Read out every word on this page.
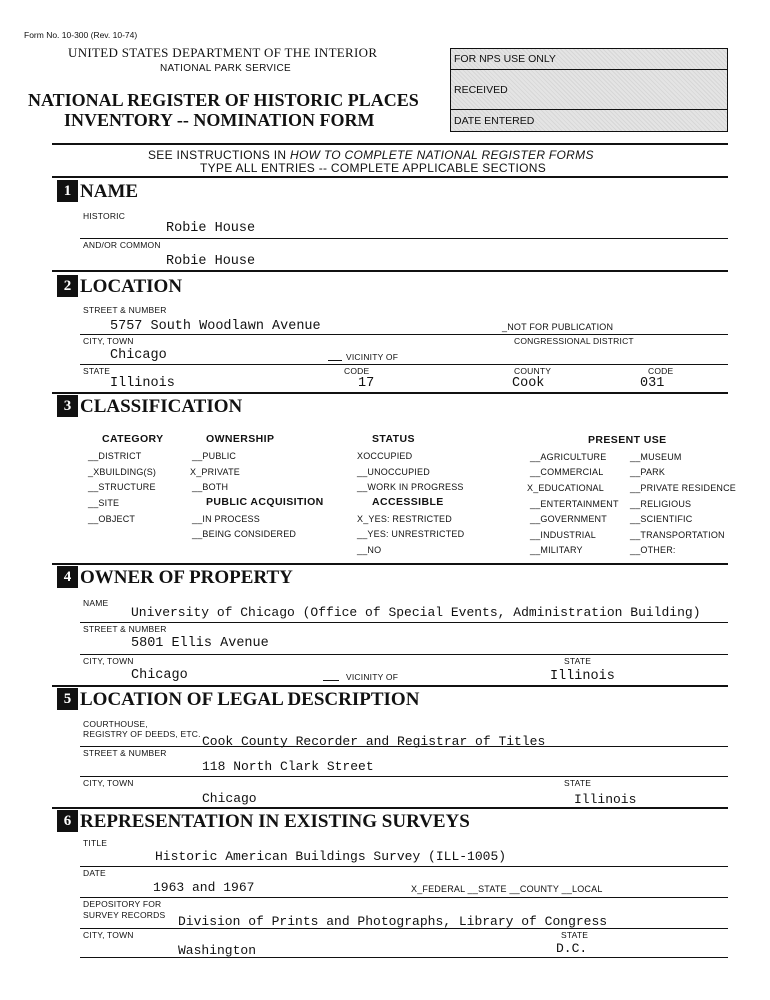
Form No. 10-300 (Rev. 10-74)
UNITED STATES DEPARTMENT OF THE INTERIOR
NATIONAL PARK SERVICE
NATIONAL REGISTER OF HISTORIC PLACES
INVENTORY -- NOMINATION FORM
FOR NPS USE ONLY
RECEIVED
DATE ENTERED
SEE INSTRUCTIONS IN HOW TO COMPLETE NATIONAL REGISTER FORMS
TYPE ALL ENTRIES -- COMPLETE APPLICABLE SECTIONS
1 NAME
HISTORIC
Robie House
AND/OR COMMON
Robie House
2 LOCATION
STREET & NUMBER
5757 South Woodlawn Avenue	_NOT FOR PUBLICATION
CITY, TOWN	CONGRESSIONAL DISTRICT
Chicago	VICINITY OF
STATE	CODE	COUNTY	CODE
Illinois	17	Cook	031
3 CLASSIFICATION
CATEGORY
__DISTRICT
_XBUILDING(S)
__STRUCTURE
__SITE
__OBJECT
OWNERSHIP
__PUBLIC
X_PRIVATE
__BOTH
PUBLIC ACQUISITION
__IN PROCESS
__BEING CONSIDERED
STATUS
XOCCUPIED
__UNOCCUPIED
__WORK IN PROGRESS
ACCESSIBLE
X_YES: RESTRICTED
__YES: UNRESTRICTED
__NO
PRESENT USE
__AGRICULTURE
__COMMERCIAL
X_EDUCATIONAL
__ENTERTAINMENT
__GOVERNMENT
__INDUSTRIAL
__MILITARY
__MUSEUM
__PARK
__PRIVATE RESIDENCE
__RELIGIOUS
__SCIENTIFIC
__TRANSPORTATION
__OTHER:
4 OWNER OF PROPERTY
NAME
University of Chicago (Office of Special Events, Administration Building)
STREET & NUMBER
5801 Ellis Avenue
CITY, TOWN	STATE
Chicago	VICINITY OF	Illinois
5 LOCATION OF LEGAL DESCRIPTION
COURTHOUSE,
REGISTRY OF DEEDS, ETC. Cook County Recorder and Registrar of Titles
STREET & NUMBER
118 North Clark Street
CITY, TOWN	STATE
Chicago	Illinois
6 REPRESENTATION IN EXISTING SURVEYS
TITLE
Historic American Buildings Survey (ILL-1005)
DATE
1963 and 1967	X_FEDERAL __STATE __COUNTY __LOCAL
DEPOSITORY FOR
SURVEY RECORDS Division of Prints and Photographs, Library of Congress
CITY, TOWN	STATE
Washington	D.C.
